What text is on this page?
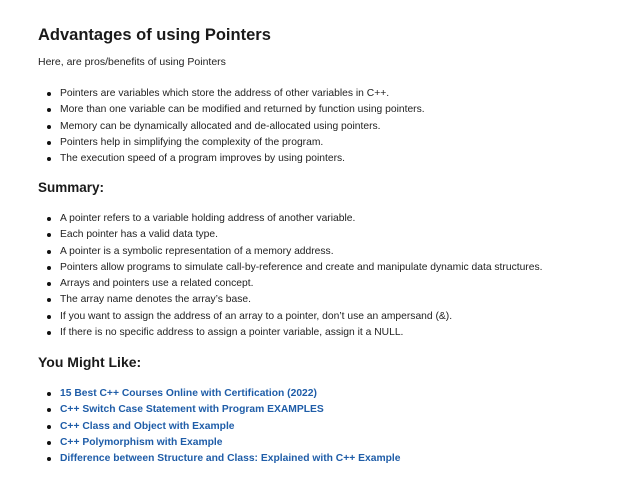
Advantages of using Pointers

Here, are pros/benefits of using Pointers

Pointers are variables which store the address of other variables in C++.
More than one variable can be modified and returned by function using pointers.
Memory can be dynamically allocated and de-allocated using pointers.
Pointers help in simplifying the complexity of the program.
The execution speed of a program improves by using pointers.
Summary:
A pointer refers to a variable holding address of another variable.
Each pointer has a valid data type.
A pointer is a symbolic representation of a memory address.
Pointers allow programs to simulate call-by-reference and create and manipulate dynamic data structures.
Arrays and pointers use a related concept.
The array name denotes the array’s base.
If you want to assign the address of an array to a pointer, don’t use an ampersand (&).
If there is no specific address to assign a pointer variable, assign it a NULL.
You Might Like:
15 Best C++ Courses Online with Certification (2022)
C++ Switch Case Statement with Program EXAMPLES
C++ Class and Object with Example
C++ Polymorphism with Example
Difference between Structure and Class: Explained with C++ Example
